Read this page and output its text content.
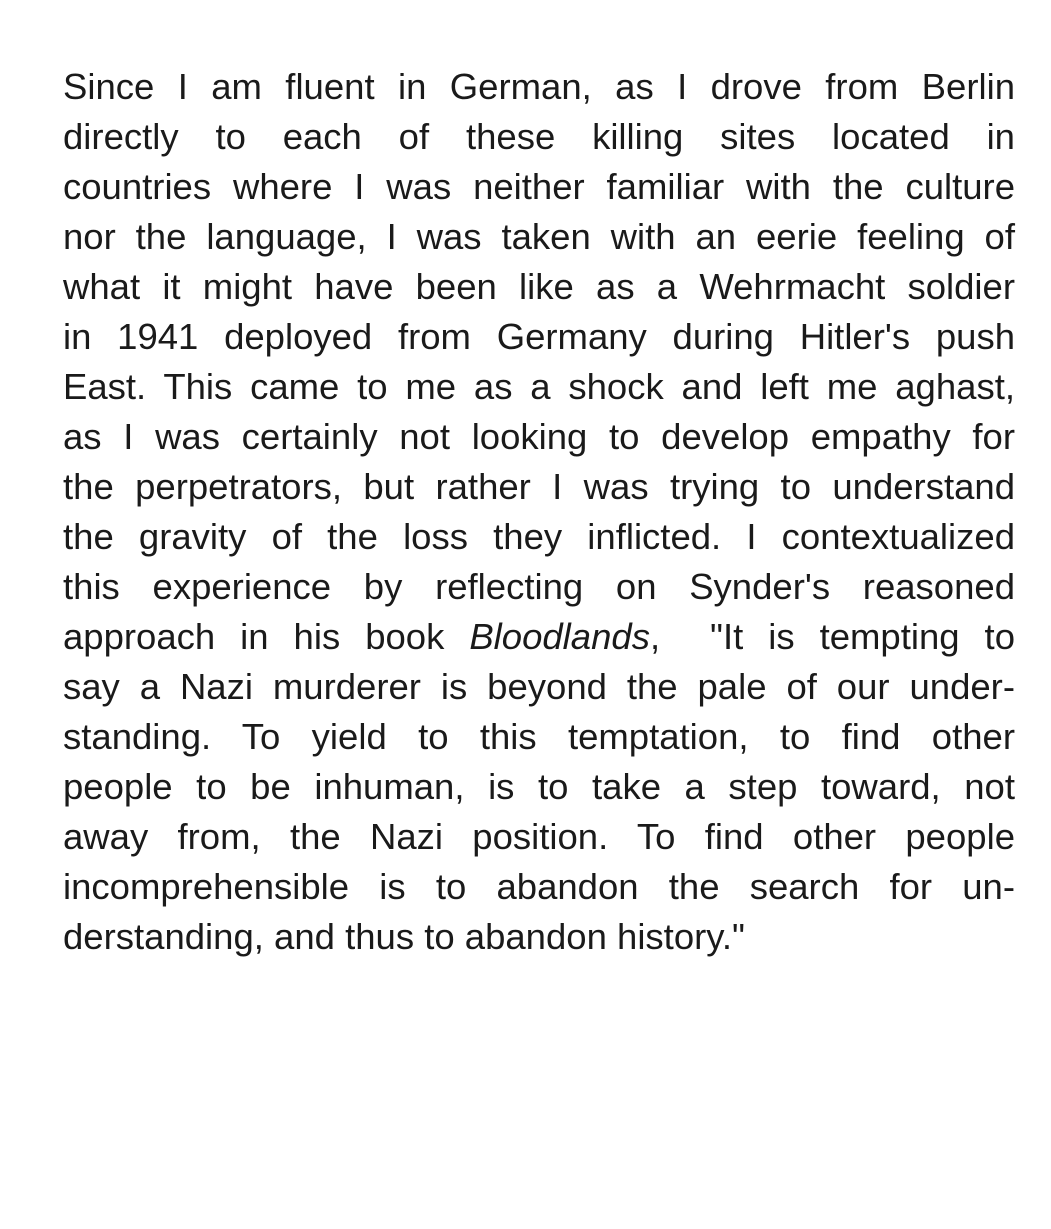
Since I am fluent in German, as I drove from Berlin
directly to each of these killing sites located in
countries where I was neither familiar with the culture
nor the language, I was taken with an eerie feeling of
what it might have been like as a Wehrmacht soldier
in 1941 deployed from Germany during Hitler's push
East. This came to me as a shock and left me aghast,
as I was certainly not looking to develop empathy for
the perpetrators, but rather I was trying to understand
the gravity of the loss they inflicted. I contextualized
this experience by reflecting on Synder's reasoned
approach in his book Bloodlands,  "It is tempting to
say a Nazi murderer is beyond the pale of our under-
standing. To yield to this temptation, to find other
people to be inhuman, is to take a step toward, not
away from, the Nazi position. To find other people
incomprehensible is to abandon the search for un-
derstanding, and thus to abandon history."
